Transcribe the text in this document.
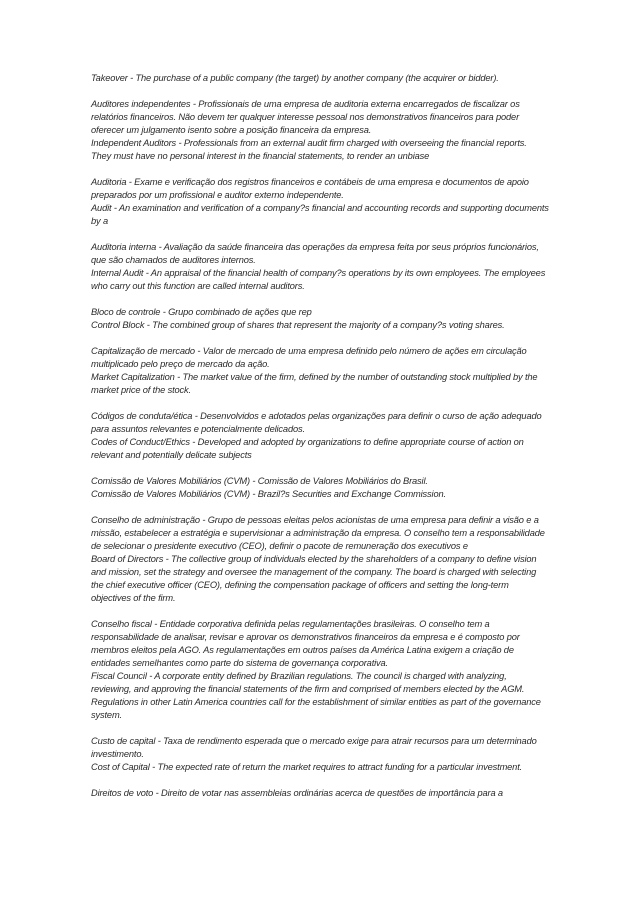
Takeover - The purchase of a public company (the target) by another company (the acquirer or bidder).

Auditores independentes - Profissionais de uma empresa de auditoria externa encarregados de fiscalizar os relatórios financeiros. Não devem ter qualquer interesse pessoal nos demonstrativos financeiros para poder oferecer um julgamento isento sobre a posição financeira da empresa.

Independent Auditors - Professionals from an external audit firm charged with overseeing the financial reports. They must have no personal interest in the financial statements, to render an unbiase

Auditoria - Exame e verificação dos registros financeiros e contábeis de uma empresa e documentos de apoio preparados por um profissional e auditor externo independente.

Audit - An examination and verification of a company?s financial and accounting records and supporting documents by a

Auditoria interna - Avaliação da saúde financeira das operações da empresa feita por seus próprios funcionários, que são chamados de auditores internos.

Internal Audit - An appraisal of the financial health of company?s operations by its own employees. The employees who carry out this function are called internal auditors.

Bloco de controle - Grupo combinado de ações que rep

Control Block - The combined group of shares that represent the majority of a company?s voting shares.

Capitalização de mercado - Valor de mercado de uma empresa definido pelo número de ações em circulação multiplicado pelo preço de mercado da ação.

Market Capitalization - The market value of the firm, defined by the number of outstanding stock multiplied by the market price of the stock.

Códigos de conduta/ética - Desenvolvidos e adotados pelas organizações para definir o curso de ação adequado para assuntos relevantes e potencialmente delicados.

Codes of Conduct/Ethics - Developed and adopted by organizations to define appropriate course of action on relevant and potentially delicate subjects

Comissão de Valores Mobiliários (CVM) - Comissão de Valores Mobiliários do Brasil.

Comissão de Valores Mobiliários (CVM) - Brazil?s Securities and Exchange Commission.

Conselho de administração - Grupo de pessoas eleitas pelos acionistas de uma empresa para definir a visão e a missão, estabelecer a estratégia e supervisionar a administração da empresa. O conselho tem a responsabilidade de selecionar o presidente executivo (CEO), definir o pacote de remuneração dos executivos e

Board of Directors - The collective group of individuals elected by the shareholders of a company to define vision and mission, set the strategy and oversee the management of the company. The board is charged with selecting the chief executive officer (CEO), defining the compensation package of officers and setting the long-term objectives of the firm.

Conselho fiscal - Entidade corporativa definida pelas regulamentações brasileiras. O conselho tem a responsabilidade de analisar, revisar e aprovar os demonstrativos financeiros da empresa e é composto por membros eleitos pela AGO. As regulamentações em outros países da América Latina exigem a criação de entidades semelhantes como parte do sistema de governança corporativa.

Fiscal Council - A corporate entity defined by Brazilian regulations. The council is charged with analyzing, reviewing, and approving the financial statements of the firm and comprised of members elected by the AGM. Regulations in other Latin America countries call for the establishment of similar entities as part of the governance system.

Custo de capital - Taxa de rendimento esperada que o mercado exige para atrair recursos para um determinado investimento.

Cost of Capital - The expected rate of return the market requires to attract funding for a particular investment.

Direitos de voto - Direito de votar nas assembleias ordinárias acerca de questões de importância para a
